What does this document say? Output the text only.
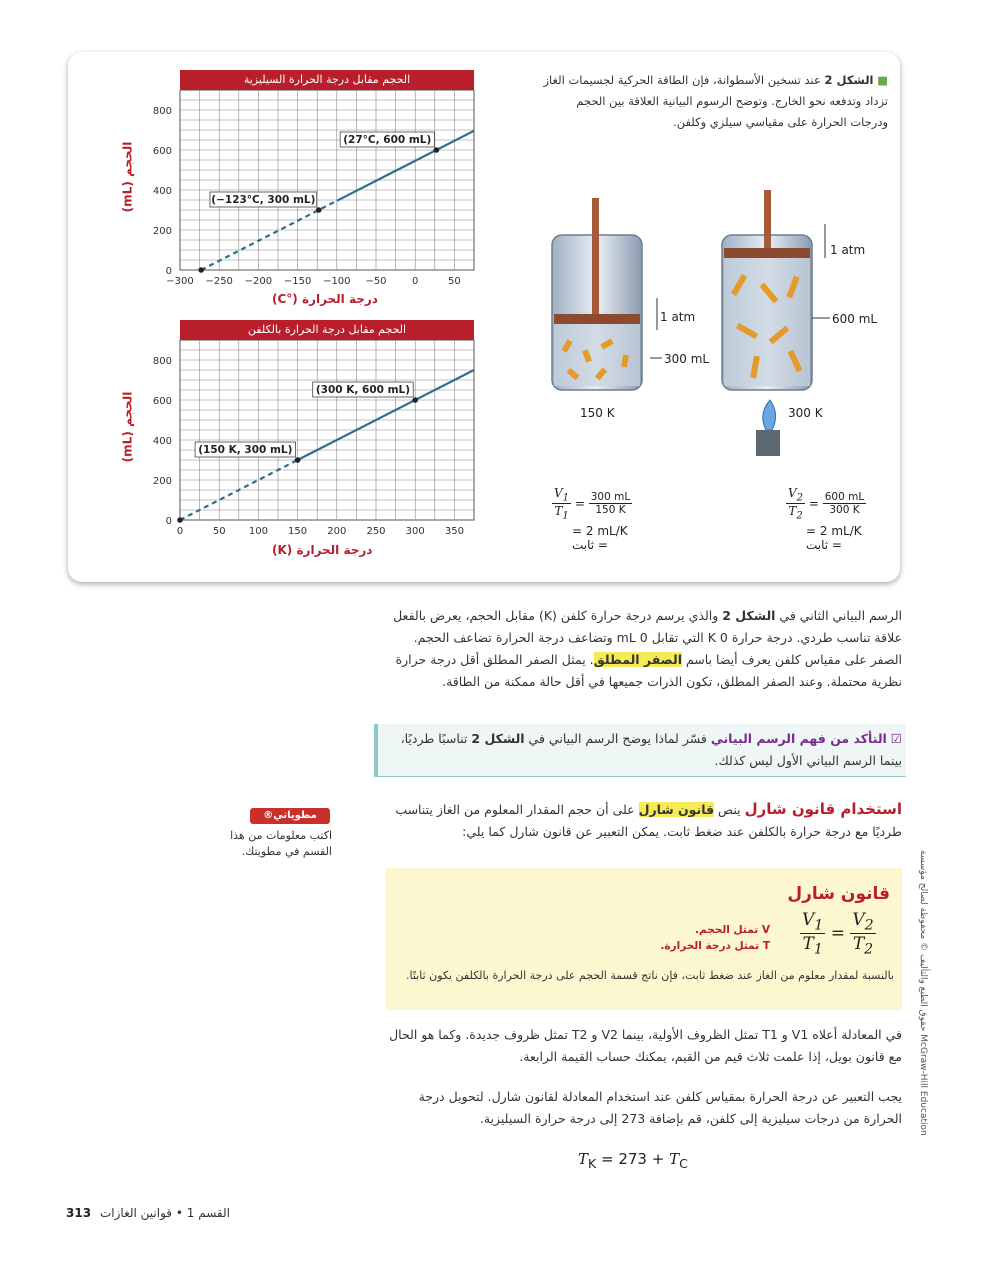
الحجم مقابل درجة الحرارة السيليزية
−300 −250 −200 −150 −100 −50	0	50
0
200
400
600
800
(−123°C, 300 mL)
(27°C, 600 mL)
الحجم (mL)
درجة الحرارة (°C)
الحجم مقابل درجة الحرارة بالكلفن
0	50 100 150 200 250 300 350
0
200
400
600
800
(150 K, 300 mL)
(300 K, 600 mL)
الحجم (mL)
درجة الحرارة (K)
■ الشكل 2 عند تسخين الأسطوانة، فإن الطاقة الحركية لجسيمات الغاز تزداد وتدفعه نحو الخارج. وتوضح الرسوم البيانية العلاقة بين الحجم ودرجات الحرارة على مقياسي سيلزي وكلفن.
1 atm
300 mL
150 K
1 atm
600 mL
300 K
$\frac{V_1}{T_1} = \frac{300 mL}{150 K}$
= 2 mL/K
= ثابت
$\frac{V_2}{T_2} = \frac{600 mL}{300 K}$
= 2 mL/K
= ثابت
الرسم البياني الثاني في الشكل 2 والذي يرسم درجة حرارة كلفن (K) مقابل الحجم، يعرض بالفعل علاقة تناسب طردي. درجة حرارة 0 K التي تقابل 0 mL وتضاعف درجة الحرارة تضاعف الحجم. الصفر على مقياس كلفن يعرف أيضا باسم الصفر المطلق. يمثل الصفر المطلق أقل درجة حرارة نظرية محتملة. وعند الصفر المطلق، تكون الذرات جميعها في أقل حالة ممكنة من الطاقة.
☑ التأكد من فهم الرسم البياني فسّر لماذا يوضح الرسم البياني في الشكل 2 تناسبًا طرديًا، بينما الرسم البياني الأول ليس كذلك.
استخدام قانون شارل ينص قانون شارل على أن حجم المقدار المعلوم من الغاز يتناسب طرديًا مع درجة حرارة بالكلفن عند ضغط ثابت. يمكن التعبير عن قانون شارل كما يلي:
مطوياتي®
اكتب معلومات من هذا القسم في مطويتك.
قانون شارل
$\frac{V_1}{T_1} = \frac{V_2}{T_2}$
V تمثل الحجم.
T تمثل درجة الحرارة.
بالنسبة لمقدار معلوم من الغاز عند ضغط ثابت، فإن ناتج قسمة الحجم على درجة الحرارة بالكلفن يكون ثابتًا.
في المعادلة أعلاه V1 و T1 تمثل الظروف الأولية، بينما V2 و T2 تمثل ظروف جديدة. وكما هو الحال مع قانون بويل، إذا علمت ثلاث قيم من القيم، يمكنك حساب القيمة الرابعة.
يجب التعبير عن درجة الحرارة بمقياس كلفن عند استخدام المعادلة لقانون شارل. لتحويل درجة الحرارة من درجات سيليزية إلى كلفن، قم بإضافة 273 إلى درجة حرارة السيليزية.
$T_K = 273 + T_C$
313 القسم 1 • قوانين الغازات
حقوق الطبع والتأليف © محفوظة لصالح مؤسسة McGraw-Hill Education
